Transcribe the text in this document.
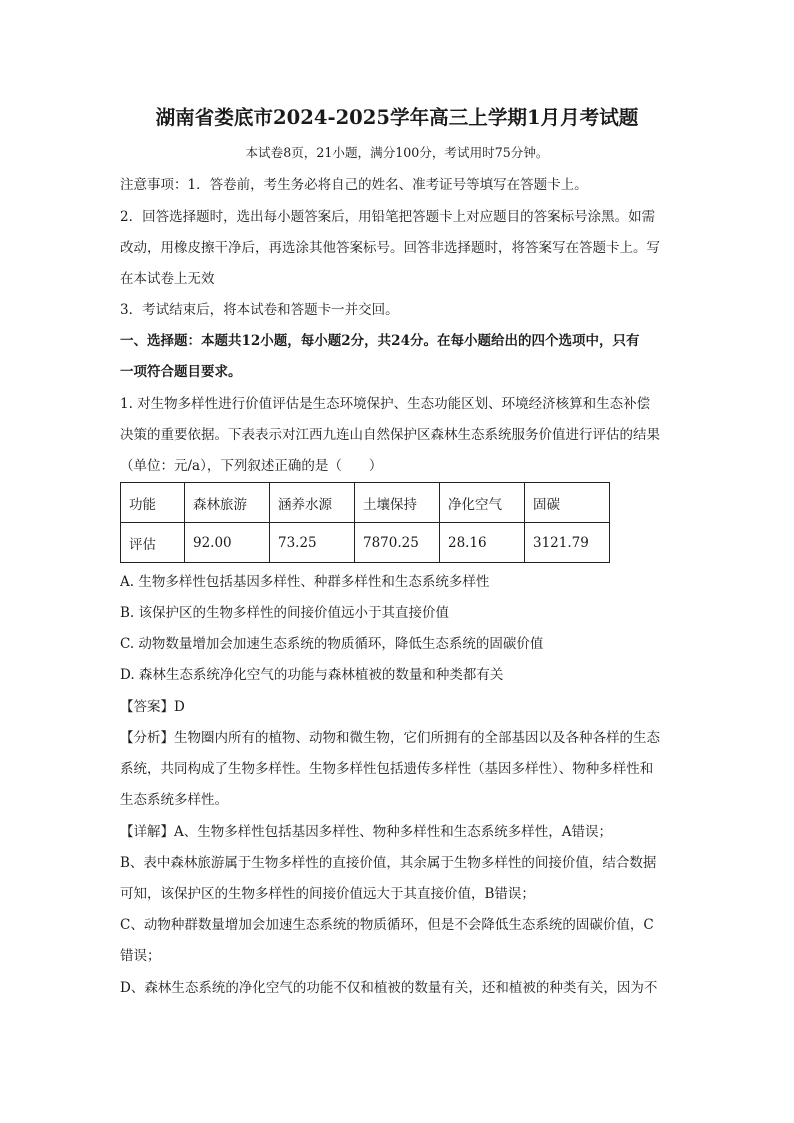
湖南省娄底市2024-2025学年高三上学期1月月考试题
本试卷8页，21小题，满分100分，考试用时75分钟。
注意事项：1．答卷前，考生务必将自己的姓名、准考证号等填写在答题卡上。
2．回答选择题时，选出每小题答案后，用铅笔把答题卡上对应题目的答案标号涂黑。如需
改动，用橡皮擦干净后，再选涂其他答案标号。回答非选择题时，将答案写在答题卡上。写
在本试卷上无效
3．考试结束后，将本试卷和答题卡一并交回。
一、选择题：本题共12小题，每小题2分，共24分。在每小题给出的四个选项中，只有
一项符合题目要求。
1. 对生物多样性进行价值评估是生态环境保护、生态功能区划、环境经济核算和生态补偿
决策的重要依据。下表表示对江西九连山自然保护区森林生态系统服务价值进行评估的结果
（单位：元/a），下列叙述正确的是（　　）
功能	森林旅游	涵养水源	土壤保持	净化空气	固碳
评估	92.00	73.25	7870.25	28.16	3121.79
A. 生物多样性包括基因多样性、种群多样性和生态系统多样性
B. 该保护区的生物多样性的间接价值远小于其直接价值
C. 动物数量增加会加速生态系统的物质循环，降低生态系统的固碳价值
D. 森林生态系统净化空气的功能与森林植被的数量和种类都有关
【答案】D
【分析】生物圈内所有的植物、动物和微生物，它们所拥有的全部基因以及各种各样的生态
系统，共同构成了生物多样性。生物多样性包括遗传多样性（基因多样性）、物种多样性和
生态系统多样性。
【详解】A、生物多样性包括基因多样性、物种多样性和生态系统多样性，A错误；
B、表中森林旅游属于生物多样性的直接价值，其余属于生物多样性的间接价值，结合数据
可知，该保护区的生物多样性的间接价值远大于其直接价值，B错误；
C、动物种群数量增加会加速生态系统的物质循环，但是不会降低生态系统的固碳价值，C
错误；
D、森林生态系统的净化空气的功能不仅和植被的数量有关，还和植被的种类有关，因为不
